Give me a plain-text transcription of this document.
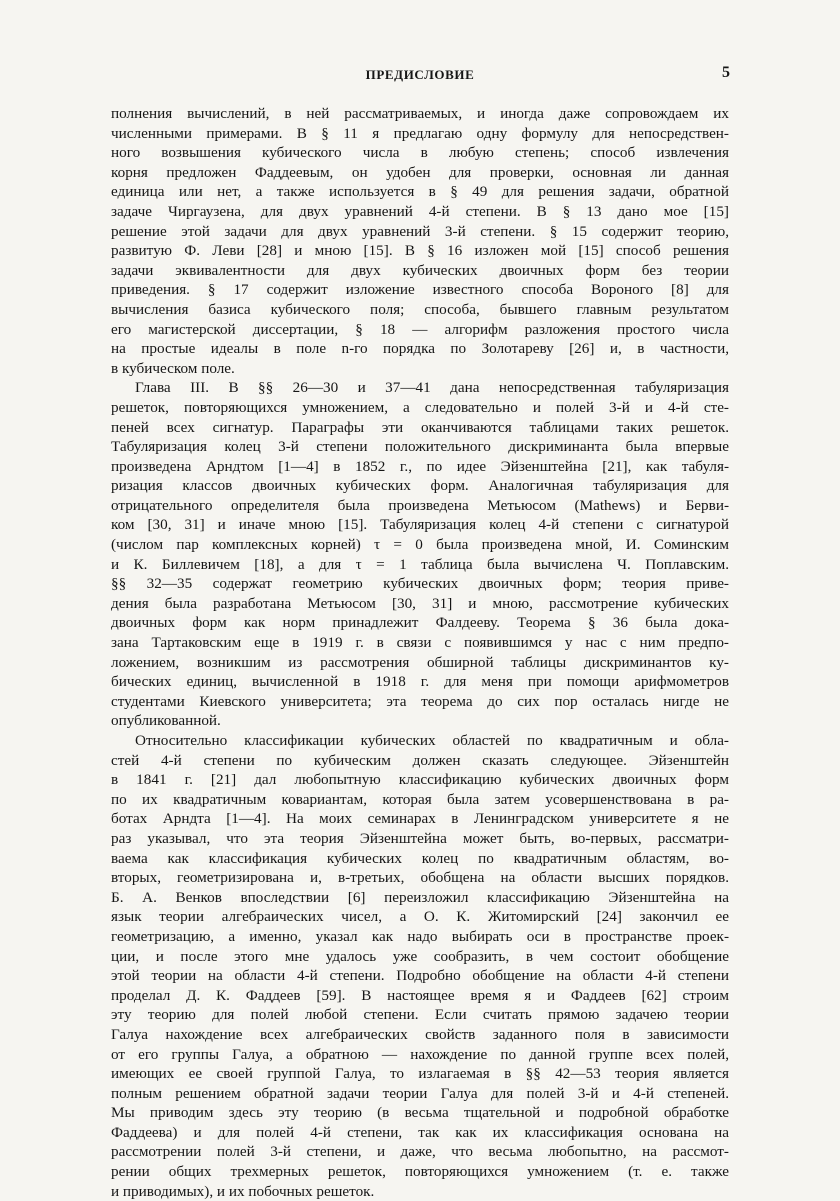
ПРЕДИСЛОВИЕ	5
полнения вычислений, в ней рассматриваемых, и иногда даже сопровождаем их
численными примерами. В § 11 я предлагаю одну формулу для непосредствен-
ного возвышения кубического числа в любую степень; способ извлечения
корня предложен Фаддеевым, он удобен для проверки, основная ли данная
единица или нет, а также используется в § 49 для решения задачи, обратной
задаче Чиргаузена, для двух уравнений 4-й степени. В § 13 дано мое [15]
решение этой задачи для двух уравнений 3-й степени. § 15 содержит теорию,
развитую Ф. Леви [28] и мною [15]. В § 16 изложен мой [15] способ решения
задачи эквивалентности для двух кубических двоичных форм без теории
приведения. § 17 содержит изложение известного способа Вороного [8] для
вычисления базиса кубического поля; способа, бывшего главным результатом
его магистерской диссертации, § 18 — алгорифм разложения простого числа
на простые идеалы в поле n-го порядка по Золотареву [26] и, в частности,
в кубическом поле.
Глава III. В §§ 26—30 и 37—41 дана непосредственная табуляризация
решеток, повторяющихся умножением, а следовательно и полей 3-й и 4-й сте-
пеней всех сигнатур. Параграфы эти оканчиваются таблицами таких решеток.
Табуляризация колец 3-й степени положительного дискриминанта была впервые
произведена Арндтом [1—4] в 1852 г., по идее Эйзенштейна [21], как табуля-
ризация классов двоичных кубических форм. Аналогичная табуляризация для
отрицательного определителя была произведена Метьюсом (Mathews) и Берви-
ком [30, 31] и иначе мною [15]. Табуляризация колец 4-й степени с сигнатурой
(числом пар комплексных корней) τ = 0 была произведена мной, И. Соминским
и К. Биллевичем [18], а для τ = 1 таблица была вычислена Ч. Поплавским.
§§ 32—35 содержат геометрию кубических двоичных форм; теория приве-
дения была разработана Метьюсом [30, 31] и мною, рассмотрение кубических
двоичных форм как норм принадлежит Фалдееву. Теорема § 36 была дока-
зана Тартаковским еще в 1919 г. в связи с появившимся у нас с ним предпо-
ложением, возникшим из рассмотрения обширной таблицы дискриминантов ку-
бических единиц, вычисленной в 1918 г. для меня при помощи арифмометров
студентами Киевского университета; эта теорема до сих пор осталась нигде не
опубликованной.
Относительно классификации кубических областей по квадратичным и обла-
стей 4-й степени по кубическим должен сказать следующее. Эйзенштейн
в 1841 г. [21] дал любопытную классификацию кубических двоичных форм
по их квадратичным ковариантам, которая была затем усовершенствована в ра-
ботах Арндта [1—4]. На моих семинарах в Ленинградском университете я не
раз указывал, что эта теория Эйзенштейна может быть, во-первых, рассматри-
ваема как классификация кубических колец по квадратичным областям, во-
вторых, геометризирована и, в-третьих, обобщена на области высших порядков.
Б. А. Венков впоследствии [6] переизложил классификацию Эйзенштейна на
язык теории алгебраических чисел, а О. К. Житомирский [24] закончил ее
геометризацию, а именно, указал как надо выбирать оси в пространстве проек-
ции, и после этого мне удалось уже сообразить, в чем состоит обобщение
этой теории на области 4-й степени. Подробно обобщение на области 4-й степени
проделал Д. К. Фаддеев [59]. В настоящее время я и Фаддеев [62] строим
эту теорию для полей любой степени. Если считать прямою задачею теории
Галуа нахождение всех алгебраических свойств заданного поля в зависимости
от его группы Галуа, а обратною — нахождение по данной группе всех полей,
имеющих ее своей группой Галуа, то излагаемая в §§ 42—53 теория является
полным решением обратной задачи теории Галуа для полей 3-й и 4-й степеней.
Мы приводим здесь эту теорию (в весьма тщательной и подробной обработке
Фаддеева) и для полей 4-й степени, так как их классификация основана на
рассмотрении полей 3-й степени, и даже, что весьма любопытно, на рассмот-
рении общих трехмерных решеток, повторяющихся умножением (т. е. также
и приводимых), и их побочных решеток.
